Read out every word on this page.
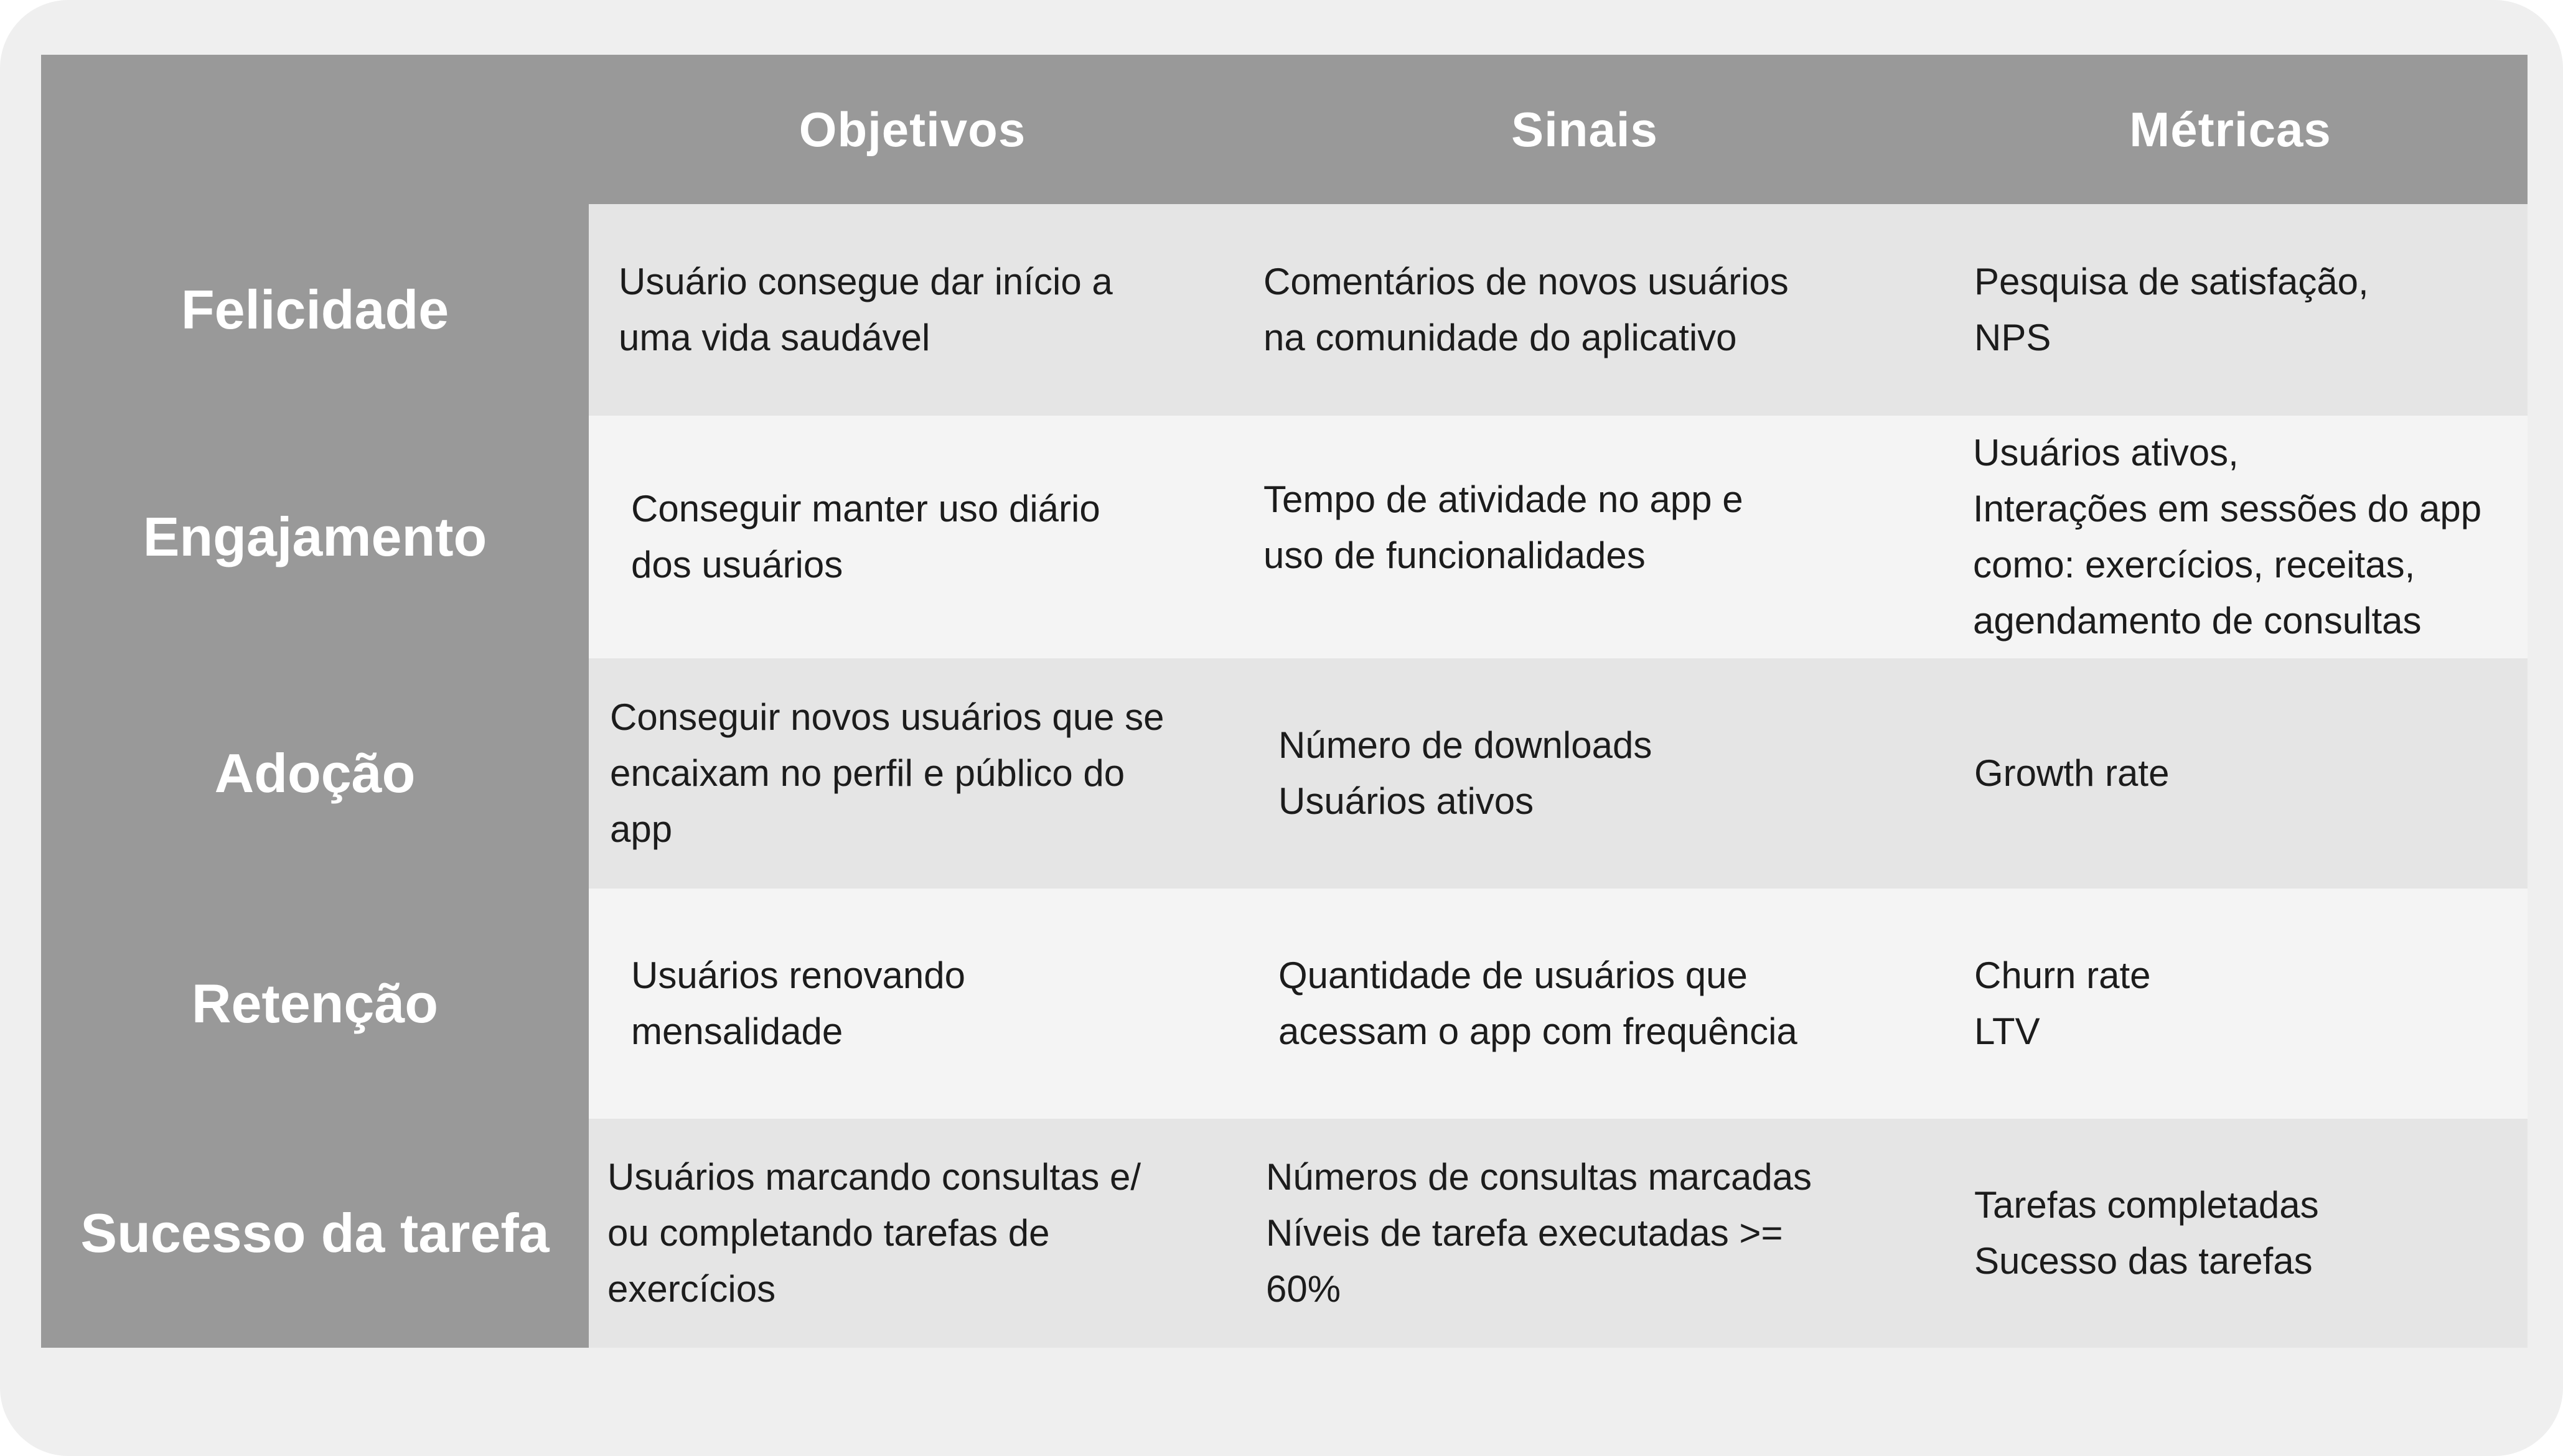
Objetivos	Sinais	Métricas
Felicidade
Engajamento
Adoção
Retenção
Sucesso da tarefa
Usuário consegue dar início a
uma vida saudável
Comentários de novos usuários
na comunidade do aplicativo
Pesquisa de satisfação,
NPS
Conseguir manter uso diário
dos usuários
Tempo de atividade no app e
uso de funcionalidades
Usuários ativos,
Interações em sessões do app
como: exercícios, receitas,
agendamento de consultas
Conseguir novos usuários que se
encaixam no perfil e público do
app
Número de downloads
Usuários ativos
Growth rate
Usuários renovando
mensalidade
Quantidade de usuários que
acessam o app com frequência
Churn rate
LTV
Usuários marcando consultas e/
ou completando tarefas de
exercícios
Números de consultas marcadas
Níveis de tarefa executadas >=
60%
Tarefas completadas
Sucesso das tarefas
